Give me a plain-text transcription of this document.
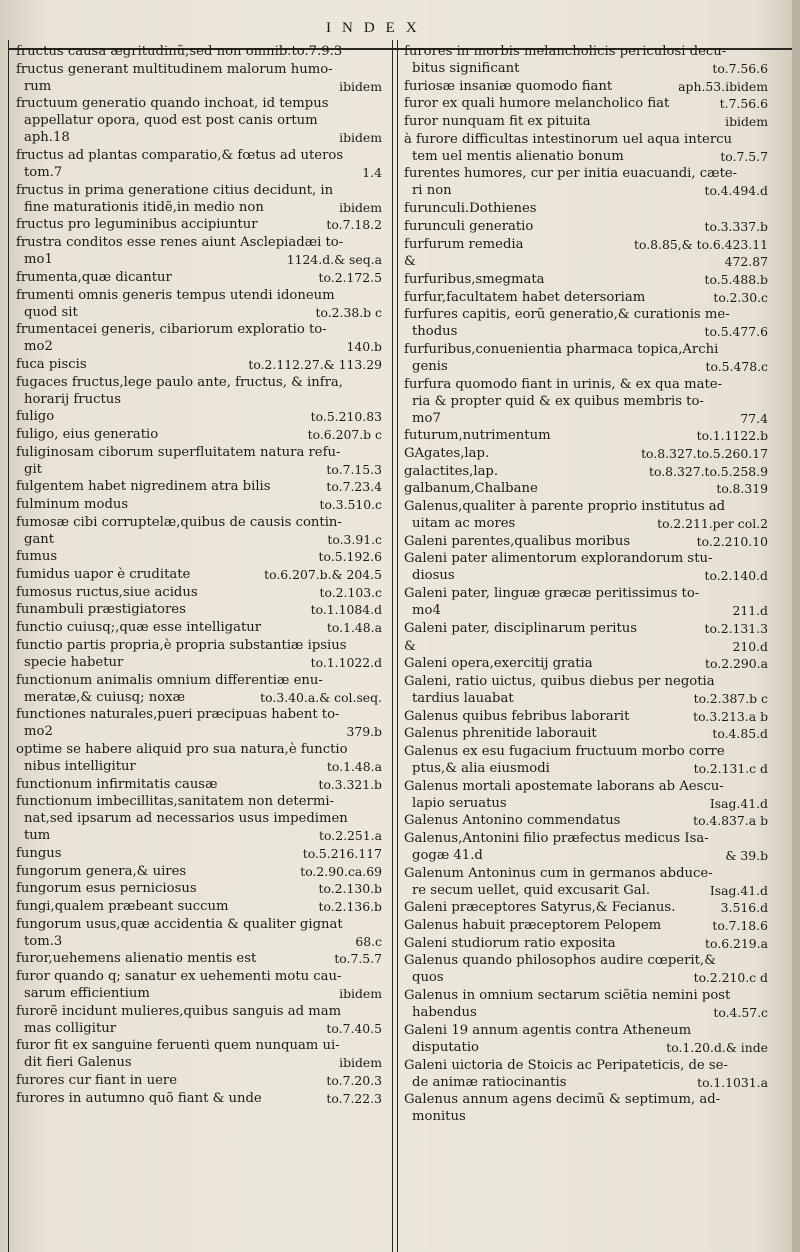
INDEX
fructus causa ægritudinũ,sed non omnib.to.7.9.3
fructus generant multitudinem malorum humo-
ibidem
rum
fructuum generatio quando inchoat, id tempus
appellatur opora, quod est post canis ortum
ibidem
aph.18
fructus ad plantas comparatio,& fœtus ad uteros
1.4
tom.7
fructus in prima generatione citius decidunt, in
ibidem
fine maturationis itidẽ,in medio non
to.7.18.2
fructus pro leguminibus accipiuntur
frustra conditos esse renes aiunt Asclepiadæi to-
1124.d.& seq.a
mo1
to.2.172.5
frumenta,quæ dicantur
frumenti omnis generis tempus utendi idoneum
to.2.38.b c
quod sit
frumentacei generis, cibariorum exploratio to-
140.b
mo2
to.2.112.27.& 113.29
fuca piscis
fugaces fructus,lege paulo ante, fructus, & infra,
horarij fructus
to.5.210.83
fuligo
to.6.207.b c
fuligo, eius generatio
fuliginosam ciborum superfluitatem natura refu-
to.7.15.3
git
to.7.23.4
fulgentem habet nigredinem atra bilis
to.3.510.c
fulminum modus
fumosæ cibi corruptelæ,quibus de causis contin-
to.3.91.c
gant
to.5.192.6
fumus
to.6.207.b.& 204.5
fumidus uapor è cruditate
to.2.103.c
fumosus ructus,siue acidus
to.1.1084.d
funambuli præstigiatores
to.1.48.a
functio cuiusq;,quæ esse intelligatur
functio partis propria,è propria substantiæ ipsius
to.1.1022.d
specie habetur
functionum animalis omnium differentiæ enu-
to.3.40.a.& col.seq.
meratæ,& cuiusq; noxæ
functiones naturales,pueri præcipuas habent to-
379.b
mo2
optime se habere aliquid pro sua natura,è functio
to.1.48.a
nibus intelligitur
to.3.321.b
functionum infirmitatis causæ
functionum imbecillitas,sanitatem non determi-
nat,sed ipsarum ad necessarios usus impedimen
to.2.251.a
tum
to.5.216.117
fungus
to.2.90.ca.69
fungorum genera,& uires
to.2.130.b
fungorum esus perniciosus
to.2.136.b
fungi,qualem præbeant succum
fungorum usus,quæ accidentia & qualiter gignat
68.c
tom.3
to.7.5.7
furor,uehemens alienatio mentis est
furor quando q; sanatur ex uehementi motu cau-
ibidem
sarum efficientium
furorẽ incidunt mulieres,quibus sanguis ad mam
to.7.40.5
mas colligitur
furor fit ex sanguine feruenti quem nunquam ui-
ibidem
dit fieri Galenus
to.7.20.3
furores cur fiant in uere
to.7.22.3
furores in autumno quõ fiant & unde
furores in morbis melancholicis periculosi decu-
to.7.56.6
bitus significant
aph.53.ibidem
furiosæ insaniæ quomodo fiant
t.7.56.6
furor ex quali humore melancholico fiat
ibidem
furor nunquam fit ex pituita
à furore difficultas intestinorum uel aqua intercu
to.7.5.7
tem uel mentis alienatio bonum
furentes humores, cur per initia euacuandi, cæte-
to.4.494.d
ri non
furunculi.Dothienes
to.3.337.b
furunculi generatio
to.8.85,& to.6.423.11
furfurum remedia
472.87
&
to.5.488.b
furfuribus,smegmata
to.2.30.c
furfur,facultatem habet detersoriam
furfures capitis, eorũ generatio,& curationis me-
to.5.477.6
thodus
furfuribus,conuenientia pharmaca topica,Archi
to.5.478.c
genis
furfura quomodo fiant in urinis, & ex qua mate-
ria & propter quid & ex quibus membris to-
77.4
mo7
to.1.1122.b
futurum,nutrimentum
to.8.327.to.5.260.17
GAgates,lap.
to.8.327.to.5.258.9
galactites,lap.
to.8.319
galbanum,Chalbane
Galenus,qualiter à parente proprio institutus ad
to.2.211.per col.2
uitam ac mores
to.2.210.10
Galeni parentes,qualibus moribus
Galeni pater alimentorum explorandorum stu-
to.2.140.d
diosus
Galeni pater, linguæ græcæ peritissimus to-
211.d
mo4
to.2.131.3
Galeni pater, disciplinarum peritus
210.d
&
to.2.290.a
Galeni opera,exercitij gratia
Galeni, ratio uictus, quibus diebus per negotia
to.2.387.b c
tardius lauabat
to.3.213.a b
Galenus quibus febribus laborarit
to.4.85.d
Galenus phrenitide laborauit
Galenus ex esu fugacium fructuum morbo corre
to.2.131.c d
ptus,& alia eiusmodi
Galenus mortali apostemate laborans ab Aescu-
Isag.41.d
lapio seruatus
to.4.837.a b
Galenus Antonino commendatus
Galenus,Antonini filio præfectus medicus Isa-
& 39.b
gogæ 41.d
Galenum Antoninus cum in germanos abduce-
Isag.41.d
re secum uellet, quid excusarit Gal.
3.516.d
Galeni præceptores Satyrus,& Fecianus.
to.7.18.6
Galenus habuit præceptorem Pelopem
to.6.219.a
Galeni studiorum ratio exposita
Galenus quando philosophos audire cœperit,&
to.2.210.c d
quos
Galenus in omnium sectarum sciẽtia nemini post
to.4.57.c
habendus
Galeni 19 annum agentis contra Atheneum
to.1.20.d.& inde
disputatio
Galeni uictoria de Stoicis ac Peripateticis, de se-
to.1.1031.a
de animæ ratiocinantis
Galenus annum agens decimũ & septimum, ad-
monitus
